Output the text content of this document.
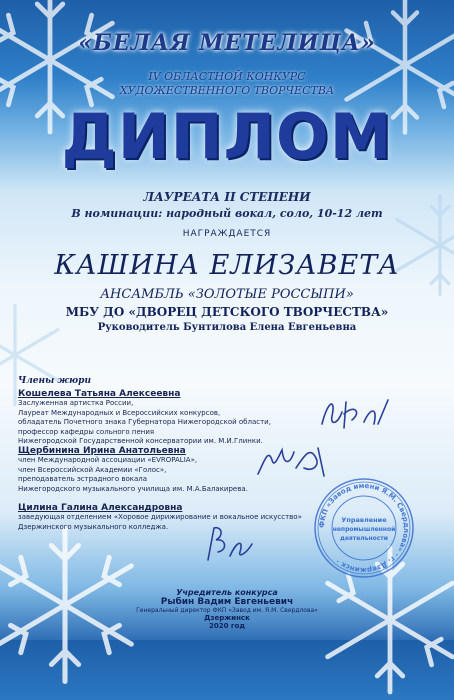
«БЕЛАЯ МЕТЕЛИЦА»
IV ОБЛАСТНОЙ КОНКУРС
ХУДОЖЕСТВЕННОГО ТВОРЧЕСТВА
ДИПЛОМ
ЛАУРЕАТА II СТЕПЕНИ
В номинации: народный вокал, соло, 10-12 лет
НАГРАЖДАЕТСЯ
КАШИНА ЕЛИЗАВЕТА
АНСАМБЛЬ «ЗОЛОТЫЕ РОССЫПИ»
МБУ ДО «ДВОРЕЦ ДЕТСКОГО ТВОРЧЕСТВА»
Руководитель Бунтилова Елена Евгеньевна
Члены жюри
Кошелева Татьяна Алексеевна
Заслуженная артистка России,
Лауреат Международных и Всероссийских конкурсов,
обладатель Почетного знака Губернатора Нижегородской области,
профессор кафедры сольного пения
Нижегородской Государственной консерватории им. М.И.Глинки.
Щербинина Ирина Анатольевна
член Международной ассоциации «EVROPALIA»,
член Всероссийской Академии «Голос»,
преподаватель эстрадного вокала
Нижегородского музыкального училища им. М.А.Балакирева.
Цилина Галина Александровна
заведующая отделением «Хоровое дирижирование и вокальное искусство»
Дзержинского музыкального колледжа.	ФКП «Завод имени Я.М. Свердлова» · г. Дзержинск ·
Управление
непромышленной
деятельности
Учредитель конкурса
Рыбин Вадим Евгеньевич
Генеральный директор ФКП «Завод им. Я.М. Свердлова»
Дзержинск
2020 год
